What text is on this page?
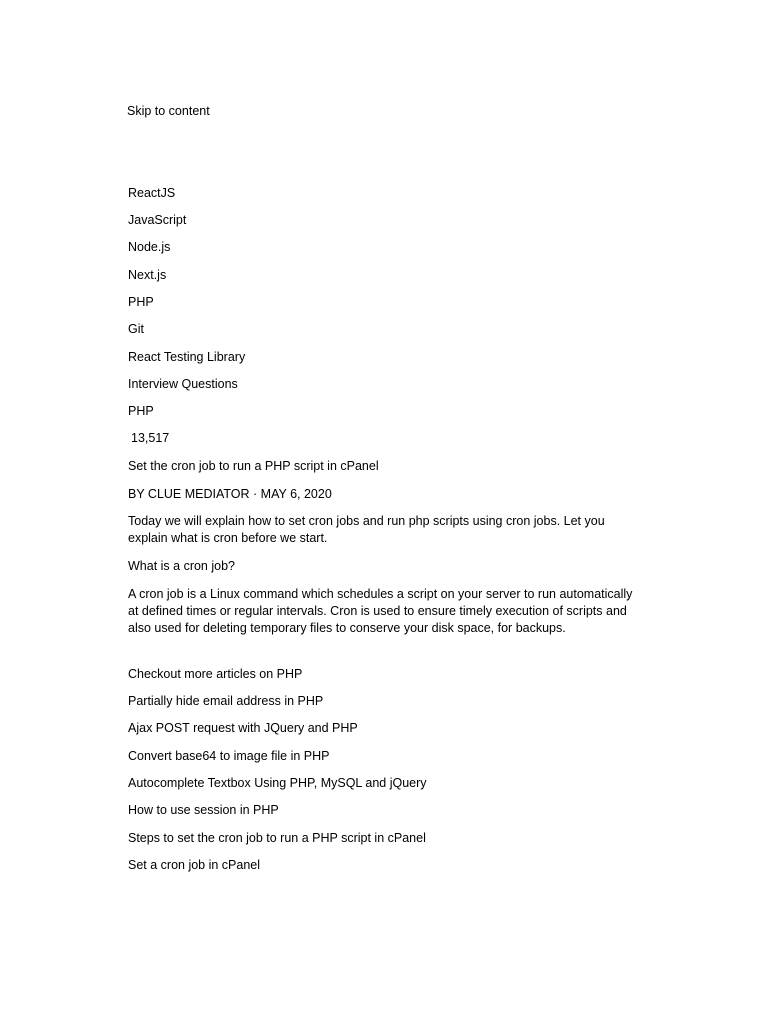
Skip to content
ReactJS
JavaScript
Node.js
Next.js
PHP
Git
React Testing Library
Interview Questions
PHP
13,517
Set the cron job to run a PHP script in cPanel
BY CLUE MEDIATOR · MAY 6, 2020
Today we will explain how to set cron jobs and run php scripts using cron jobs. Let you explain what is cron before we start.
What is a cron job?
A cron job is a Linux command which schedules a script on your server to run automatically at defined times or regular intervals. Cron is used to ensure timely execution of scripts and also used for deleting temporary files to conserve your disk space, for backups.
Checkout more articles on PHP
Partially hide email address in PHP
Ajax POST request with JQuery and PHP
Convert base64 to image file in PHP
Autocomplete Textbox Using PHP, MySQL and jQuery
How to use session in PHP
Steps to set the cron job to run a PHP script in cPanel
Set a cron job in cPanel
